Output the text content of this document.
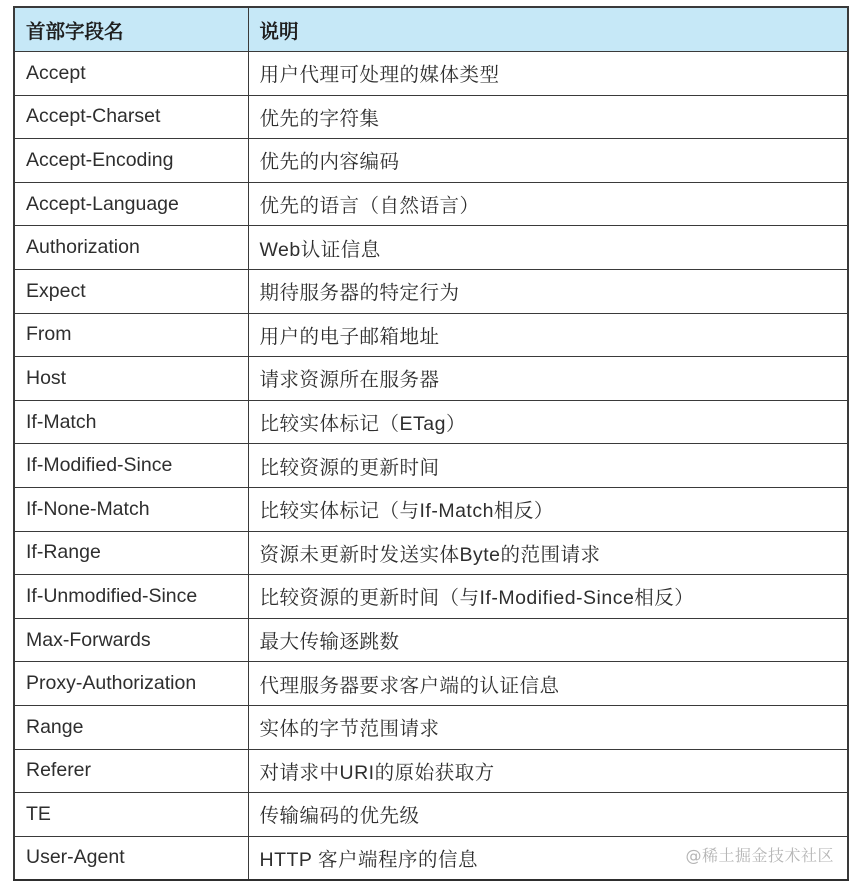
首部字段名	说明
Accept	用户代理可处理的媒体类型
Accept-Charset	优先的字符集
Accept-Encoding	优先的内容编码
Accept-Language	优先的语言（自然语言）
Authorization	Web认证信息
Expect	期待服务器的特定行为
From	用户的电子邮箱地址
Host	请求资源所在服务器
If-Match	比较实体标记（ETag）
If-Modified-Since	比较资源的更新时间
If-None-Match	比较实体标记（与If-Match相反）
If-Range	资源未更新时发送实体Byte的范围请求
If-Unmodified-Since	比较资源的更新时间（与If-Modified-Since相反）
Max-Forwards	最大传输逐跳数
Proxy-Authorization	代理服务器要求客户端的认证信息
Range	实体的字节范围请求
Referer	对请求中URI的原始获取方
TE	传输编码的优先级
User-Agent	HTTP 客户端程序的信息	@稀土掘金技术社区
